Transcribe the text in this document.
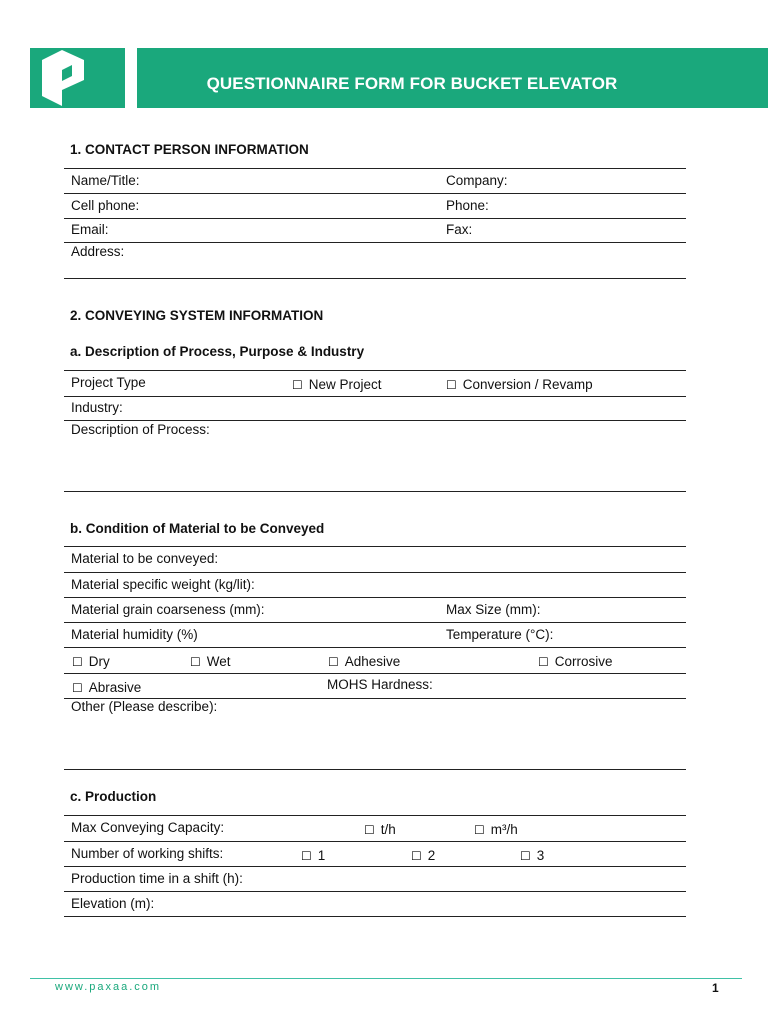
QUESTIONNAIRE FORM FOR BUCKET ELEVATOR
1. CONTACT PERSON INFORMATION
Name/Title:	Company:
Cell phone:	Phone:
Email:	Fax:
Address:
2. CONVEYING SYSTEM INFORMATION
a. Description of Process, Purpose & Industry
Project Type	☐ New Project	☐ Conversion / Revamp
Industry:
Description of Process:
b. Condition of Material to be Conveyed
Material to be conveyed:
Material specific weight (kg/lit):
Material grain coarseness (mm):	Max Size (mm):
Material humidity (%)	Temperature (°C):
☐ Dry	☐ Wet	☐ Adhesive	☐ Corrosive
☐ Abrasive	MOHS Hardness:
Other (Please describe):
c. Production
Max Conveying Capacity:	☐ t/h	☐ m³/h
Number of working shifts:	☐ 1	☐ 2	☐ 3
Production time in a shift (h):
Elevation (m):
www.paxaa.com	1
